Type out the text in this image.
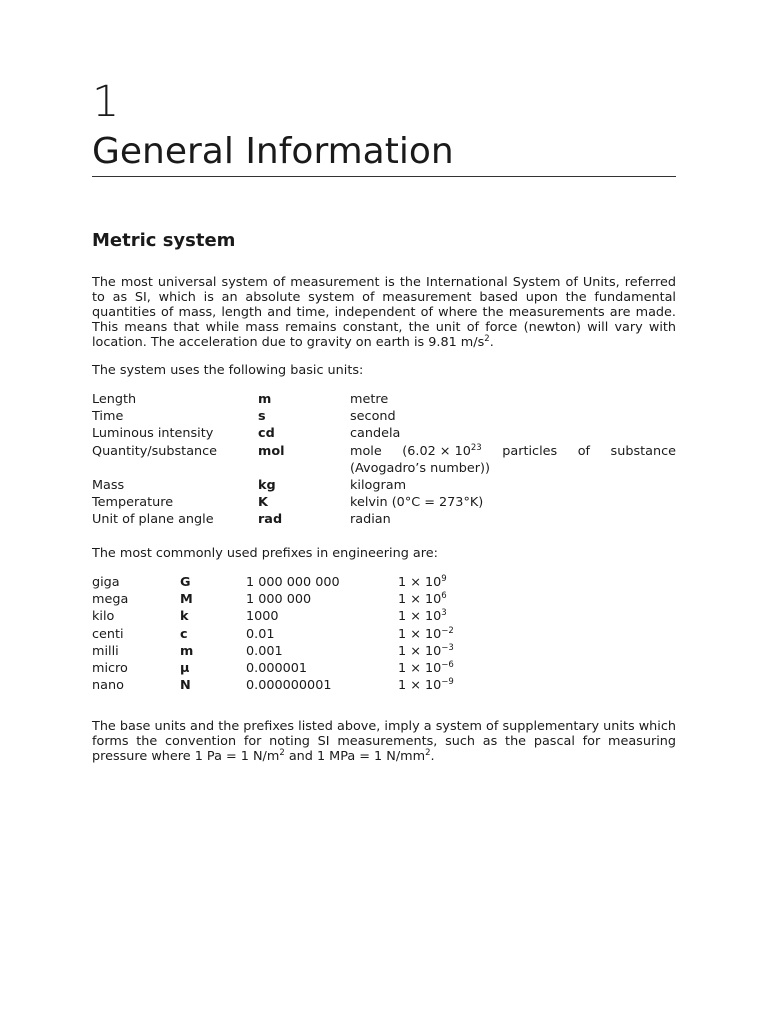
1
General Information
Metric system

The most universal system of measurement is the International System of Units, referred to as SI, which is an absolute system of measurement based upon the fundamental quantities of mass, length and time, independent of where the measurements are made. This means that while mass remains constant, the unit of force (newton) will vary with location. The acceleration due to gravity on earth is 9.81 $m/s^2$.

The system uses the following basic units:

Length	m	metre
Time	s	second
Luminous intensity	cd	candela
Quantity/substance	mol	mole ($6.02 \times 10^{23}$ particles of substance
(Avogadro’s number))
Mass	kg	kilogram
Temperature	K	kelvin (0°C = 273°K)
Unit of plane angle	rad	radian

The most commonly used prefixes in engineering are:

giga	G	1 000 000 000	$1 \times 10^9$
mega	M	1 000 000	$1 \times 10^6$
kilo	k	1000	$1 \times 10^3$
centi	c	0.01	$1 \times 10^{-2}$
milli	m	0.001	$1 \times 10^{-3}$
micro	µ	0.000001	$1 \times 10^{-6}$
nano	N	0.000000001	$1 \times 10^{-9}$

The base units and the prefixes listed above, imply a system of supplementary units which forms the convention for noting SI measurements, such as the pascal for measuring pressure where 1 Pa = 1 $N/m^2$ and 1 MPa = 1 $N/mm^2$.
